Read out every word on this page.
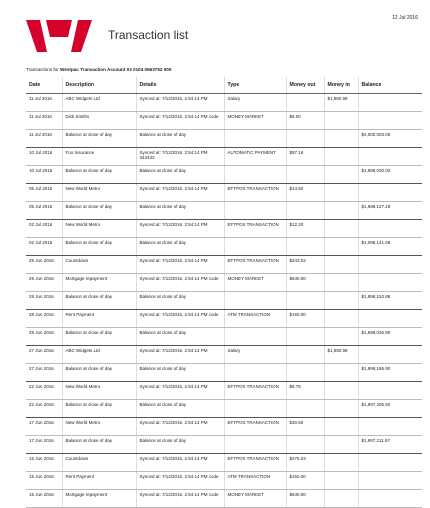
12 Jul 2016
Transaction list
Transactions for Westpac Transaction Account 03 0104 0663752 000
Date	Description	Details	Type	Money out	Money in	Balance
11 Jul 2016	ABC Widgets Ltd	Synced at: 7/12/2016, 2:54:14 PM	Salary		$1,980.98	
11 Jul 2016	Dick Smiths	Synced at: 7/12/2016, 2:54:14 PM code	MONEY MARKET	$8.00		
11 Jul 2016	Balance at close of day	Balance at close of day				$2,000,003.00
10 Jul 2016	Foo Insurance	Synced at: 7/12/2016, 2:54:14 PM 343433	AUTOMATIC PAYMENT	$97.16		
10 Jul 2016	Balance at close of day	Balance at close of day				$1,998,030.02
05 Jul 2016	New World Metro	Synced at: 7/12/2016, 2:54:14 PM	EFTPOS TRANSACTION	$14.50		
05 Jul 2016	Balance at close of day	Balance at close of day				$1,998,127.18
02 Jul 2016	New World Metro	Synced at: 7/12/2016, 2:54:14 PM	EFTPOS TRANSACTION	$12.20		
02 Jul 2016	Balance at close of day	Balance at close of day				$1,098,141.68
29 Jun 2016	Countdown	Synced at: 7/12/2016, 2:54:14 PM	EFTPOS TRANSACTION	$243.02		
29 Jun 2016	Mortgage repayment	Synced at: 7/12/2016, 2:54:14 PM code	MONEY MARKET	$640.00		
29 Jun 2016	Balance at close of day	Balance at close of day				$1,898,153.88
28 Jun 2016	Rent Payment	Synced at: 7/12/2016, 2:54:14 PM code	ATM TRANSACTION	$150.00		
28 Jun 2016	Balance at close of day	Balance at close of day				$1,999,036.90
27 Jun 2016	ABC Widgets Ltd	Synced at: 7/12/2016, 2:54:14 PM	Salary		$1,980.98	
27 Jun 2016	Balance at close of day	Balance at close of day				$1,999,186.90
22 Jun 2016	New World Metro	Synced at: 7/12/2016, 2:54:14 PM	EFTPOS TRANSACTION	$5.75		
22 Jun 2016	Balance at close of day	Balance at close of day				$1,997,205.92
17 Jun 2016	New World Metro	Synced at: 7/12/2016, 2:54:14 PM	EFTPOS TRANSACTION	$30.60		
17 Jun 2016	Balance at close of day	Balance at close of day				$1,997,211.67
15 Jun 2016	Countdown	Synced at: 7/12/2016, 2:54:14 PM	EFTPOS TRANSACTION	$275.03		
15 Jun 2016	Rent Payment	Synced at: 7/12/2016, 2:54:14 PM code	ATM TRANSACTION	$150.00		
15 Jun 2016	Mortgage repayment	Synced at: 7/12/2016, 2:54:14 PM code	MONEY MARKET	$640.00		
